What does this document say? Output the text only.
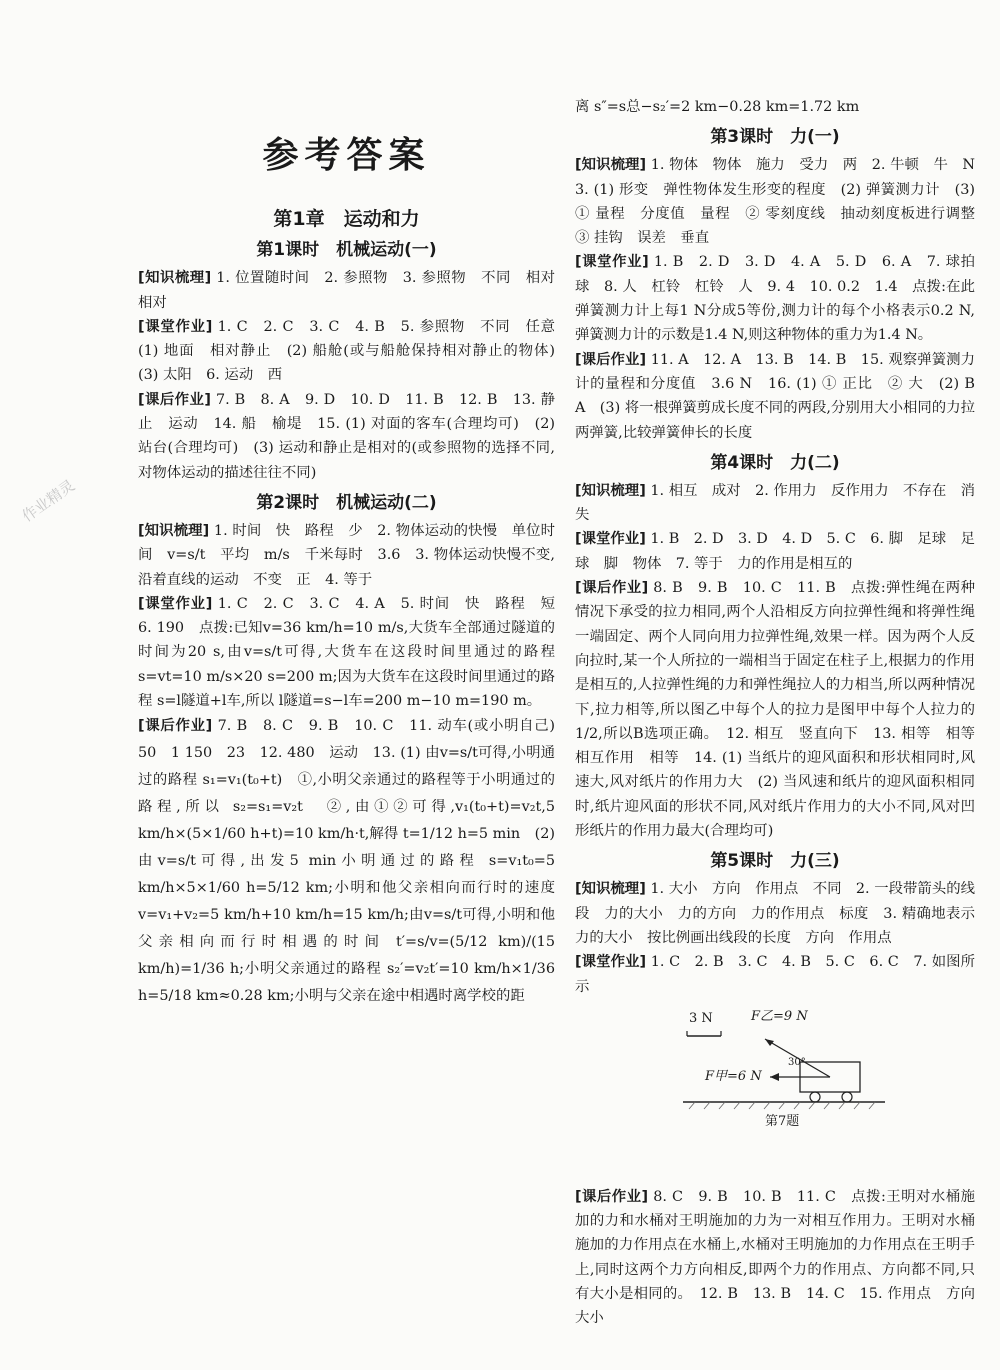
作业精灵
参考答案
第1章　运动和力
第1课时　机械运动(一)

[知识梳理] 1. 位置随时间　2. 参照物　3. 参照物　不同　相对　相对

[课堂作业] 1. C　2. C　3. C　4. B　5. 参照物　不同　任意　(1) 地面　相对静止　(2) 船舱(或与船舱保持相对静止的物体)　(3) 太阳　6. 运动　西

[课后作业] 7. B　8. A　9. D　10. D　11. B　12. B　13. 静止　运动　14. 船　榆堤　15. (1) 对面的客车(合理均可)　(2) 站台(合理均可)　(3) 运动和静止是相对的(或参照物的选择不同,对物体运动的描述往往不同)

第2课时　机械运动(二)

[知识梳理] 1. 时间　快　路程　少　2. 物体运动的快慢　单位时间　v=s/t　平均　m/s　千米每时　3.6　3. 物体运动快慢不变,沿着直线的运动　不变　正　4. 等于

[课堂作业] 1. C　2. C　3. C　4. A　5. 时间　快　路程　短　6. 190　点拨:已知v=36 km/h=10 m/s,大货车全部通过隧道的时间为20 s,由v=s/t可得,大货车在这段时间里通过的路程 s=vt=10 m/s×20 s=200 m;因为大货车在这段时间里通过的路程 s=l隧道+l车,所以 l隧道=s−l车=200 m−10 m=190 m。

[课后作业] 7. B　8. C　9. B　10. C　11. 动车(或小明自己)　50　1 150　23　12. 480　运动　13. (1) 由v=s/t可得,小明通过的路程 s₁=v₁(t₀+t)　①,小明父亲通过的路程等于小明通过的路程,所以 s₂=s₁=v₂t　②,由①②可得,v₁(t₀+t)=v₂t,5 km/h×(5×1/60 h+t)=10 km/h·t,解得 t=1/12 h=5 min　(2) 由v=s/t可得,出发5 min小明通过的路程 s=v₁t₀=5 km/h×5×1/60 h=5/12 km;小明和他父亲相向而行时的速度 v=v₁+v₂=5 km/h+10 km/h=15 km/h;由v=s/t可得,小明和他父亲相向而行时相遇的时间 t′=s/v=(5/12 km)/(15 km/h)=1/36 h;小明父亲通过的路程 s₂′=v₂t′=10 km/h×1/36 h=5/18 km≈0.28 km;小明与父亲在途中相遇时离学校的距

离 s″=s总−s₂′=2 km−0.28 km=1.72 km

第3课时　力(一)

[知识梳理] 1. 物体　物体　施力　受力　两　2. 牛顿　牛　N　3. (1) 形变　弹性物体发生形变的程度　(2) 弹簧测力计　(3) ① 量程　分度值　量程　② 零刻度线　抽动刻度板进行调整　③ 挂钩　误差　垂直

[课堂作业] 1. B　2. D　3. D　4. A　5. D　6. A　7. 球拍　球　8. 人　杠铃　杠铃　人　9. 4　10. 0.2　1.4　点拨:在此弹簧测力计上每1 N分成5等份,测力计的每个小格表示0.2 N,弹簧测力计的示数是1.4 N,则这种物体的重力为1.4 N。

[课后作业] 11. A　12. A　13. B　14. B　15. 观察弹簧测力计的量程和分度值　3.6 N　16. (1) ① 正比　② 大　(2) B　A　(3) 将一根弹簧剪成长度不同的两段,分别用大小相同的力拉两弹簧,比较弹簧伸长的长度

第4课时　力(二)

[知识梳理] 1. 相互　成对　2. 作用力　反作用力　不存在　消失

[课堂作业] 1. B　2. D　3. D　4. D　5. C　6. 脚　足球　足球　脚　物体　7. 等于　力的作用是相互的

[课后作业] 8. B　9. B　10. C　11. B　点拨:弹性绳在两种情况下承受的拉力相同,两个人沿相反方向拉弹性绳和将弹性绳一端固定、两个人同向用力拉弹性绳,效果一样。因为两个人反向拉时,某一个人所拉的一端相当于固定在柱子上,根据力的作用是相互的,人拉弹性绳的力和弹性绳拉人的力相当,所以两种情况下,拉力相等,所以图乙中每个人的拉力是图甲中每个人拉力的1/2,所以B选项正确。　12. 相互　竖直向下　13. 相等　相等　相互作用　相等　14. (1) 当纸片的迎风面积和形状相同时,风速大,风对纸片的作用力大　(2) 当风速和纸片的迎风面积相同时,纸片迎风面的形状不同,风对纸片作用力的大小不同,风对凹形纸片的作用力最大(合理均可)

第5课时　力(三)

[知识梳理] 1. 大小　方向　作用点　不同　2. 一段带箭头的线段　力的大小　力的方向　力的作用点　标度　3. 精确地表示力的大小　按比例画出线段的长度　方向　作用点

[课堂作业] 1. C　2. B　3. C　4. B　5. C　6. C　7. 如图所示

3 N	F乙=9 N
30°
F甲=6 N
第7题

[课后作业] 8. C　9. B　10. B　11. C　点拨:王明对水桶施加的力和水桶对王明施加的力为一对相互作用力。王明对水桶施加的力作用点在水桶上,水桶对王明施加的力作用点在王明手上,同时这两个力方向相反,即两个力的作用点、方向都不同,只有大小是相同的。　12. B　13. B　14. C　15. 作用点　方向　大小
